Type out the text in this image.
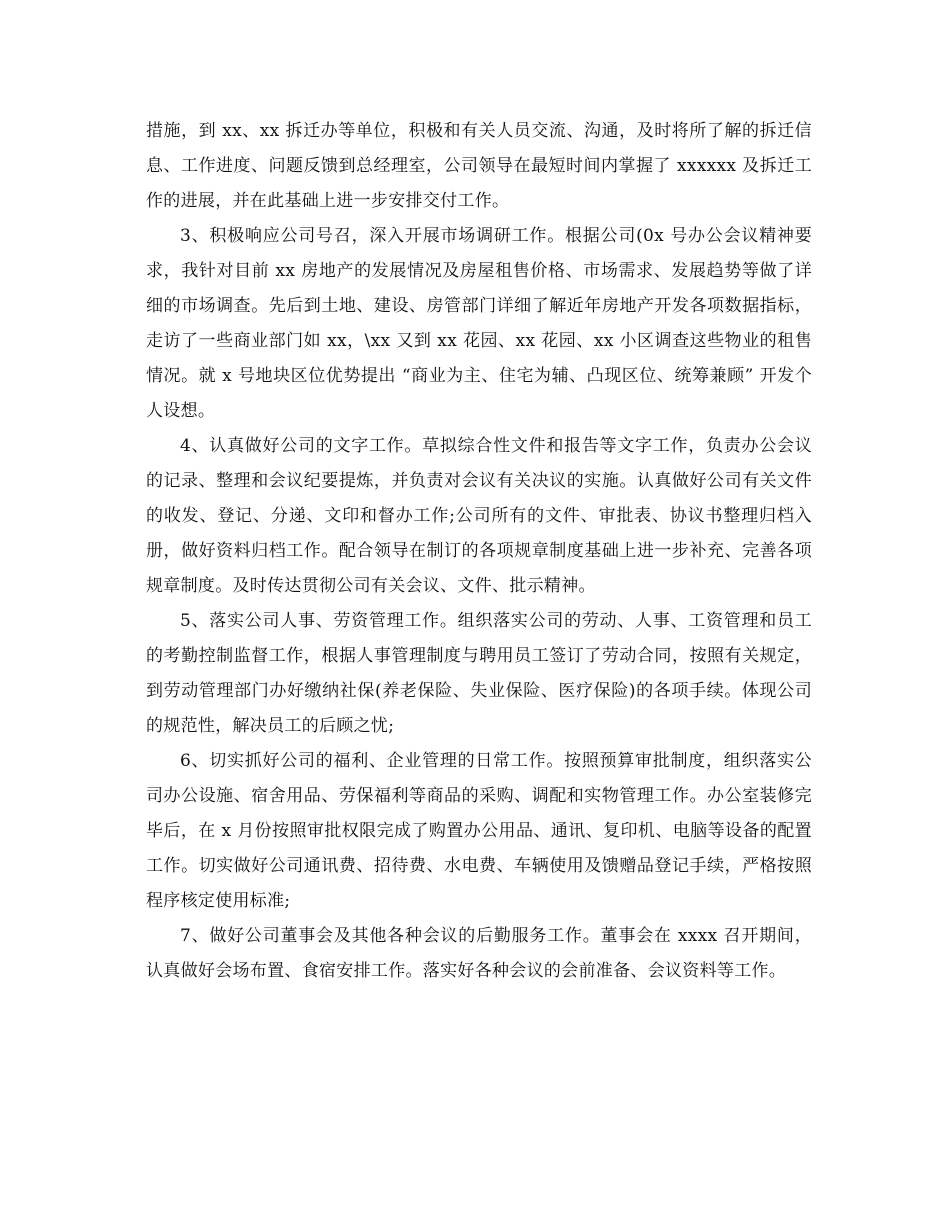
措施，到 xx、xx 拆迁办等单位，积极和有关人员交流、沟通，及时将所了解的拆迁信息、工作进度、问题反馈到总经理室，公司领导在最短时间内掌握了 xxxxxx 及拆迁工作的进展，并在此基础上进一步安排交付工作。

3、积极响应公司号召，深入开展市场调研工作。根据公司(0x 号办公会议精神要求，我针对目前 xx 房地产的发展情况及房屋租售价格、市场需求、发展趋势等做了详细的市场调查。先后到土地、建设、房管部门详细了解近年房地产开发各项数据指标，走访了一些商业部门如 xx，\xx 又到 xx 花园、xx 花园、xx 小区调查这些物业的租售情况。就 x 号地块区位优势提出 “商业为主、住宅为辅、凸现区位、统筹兼顾” 开发个人设想。

4、认真做好公司的文字工作。草拟综合性文件和报告等文字工作，负责办公会议的记录、整理和会议纪要提炼，并负责对会议有关决议的实施。认真做好公司有关文件的收发、登记、分递、文印和督办工作;公司所有的文件、审批表、协议书整理归档入册，做好资料归档工作。配合领导在制订的各项规章制度基础上进一步补充、完善各项规章制度。及时传达贯彻公司有关会议、文件、批示精神。

5、落实公司人事、劳资管理工作。组织落实公司的劳动、人事、工资管理和员工的考勤控制监督工作，根据人事管理制度与聘用员工签订了劳动合同，按照有关规定，到劳动管理部门办好缴纳社保(养老保险、失业保险、医疗保险)的各项手续。体现公司的规范性，解决员工的后顾之忧;

6、切实抓好公司的福利、企业管理的日常工作。按照预算审批制度，组织落实公司办公设施、宿舍用品、劳保福利等商品的采购、调配和实物管理工作。办公室装修完毕后，在 x 月份按照审批权限完成了购置办公用品、通讯、复印机、电脑等设备的配置工作。切实做好公司通讯费、招待费、水电费、车辆使用及馈赠品登记手续，严格按照程序核定使用标准;

7、做好公司董事会及其他各种会议的后勤服务工作。董事会在 xxxx 召开期间，认真做好会场布置、食宿安排工作。落实好各种会议的会前准备、会议资料等工作。
